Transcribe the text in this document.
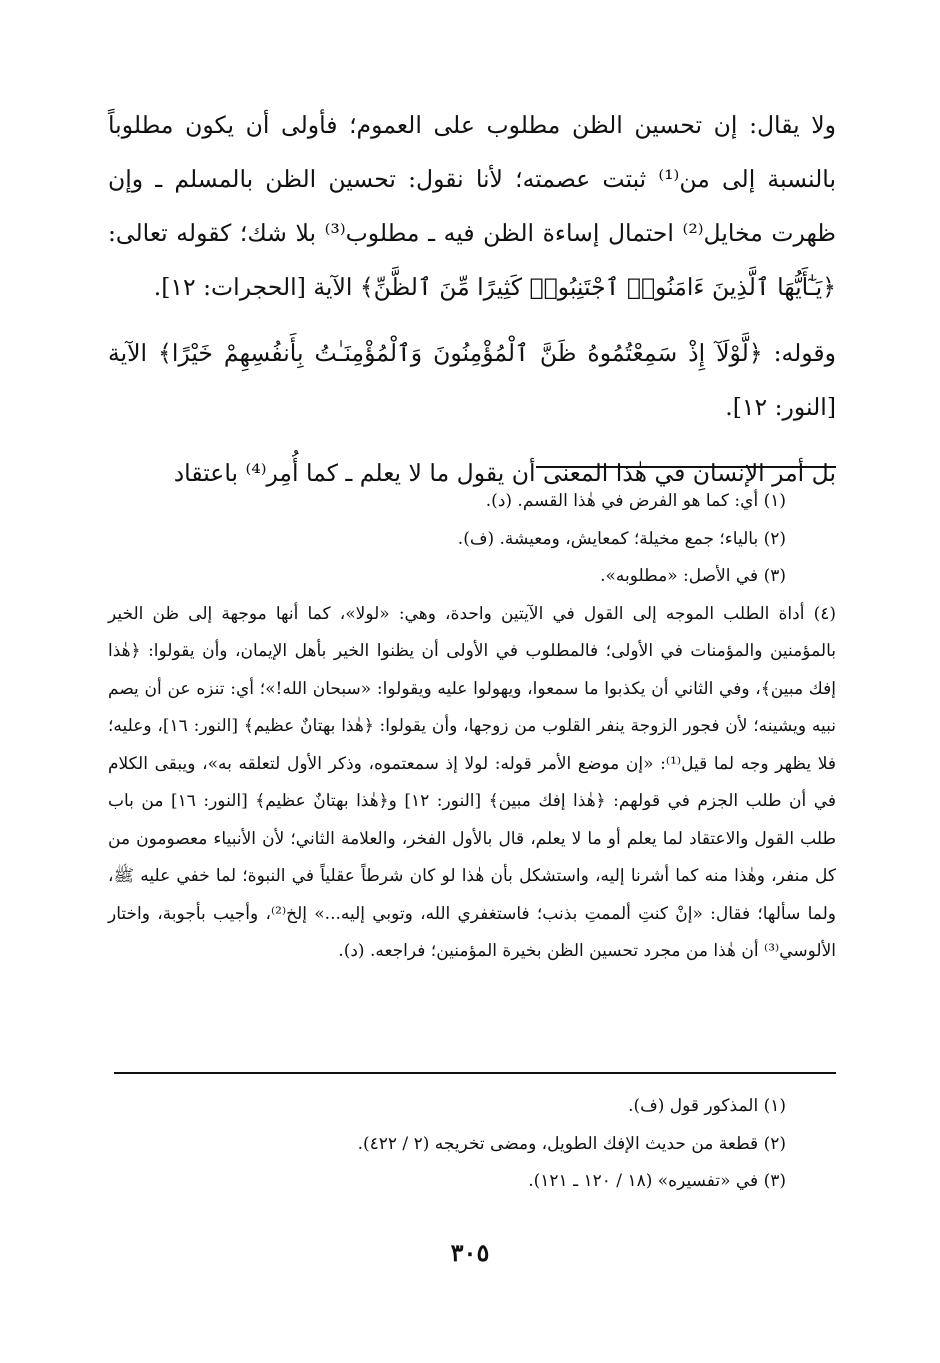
ولا يقال: إن تحسين الظن مطلوب على العموم؛ فأولى أن يكون مطلوباً بالنسبة إلى من⁽¹⁾ ثبتت عصمته؛ لأنا نقول: تحسين الظن بالمسلم ـ وإن ظهرت مخايل⁽²⁾ احتمال إساءة الظن فيه ـ مطلوب⁽³⁾ بلا شك؛ كقوله تعالى: ﴿يَـٰٓأَيُّهَا ٱلَّذِينَ ءَامَنُوا۟ ٱجْتَنِبُوا۟ كَثِيرًا مِّنَ ٱلظَّنِّ﴾ الآية [الحجرات: ١٢].

وقوله: ﴿لَّوْلَآ إِذْ سَمِعْتُمُوهُ ظَنَّ ٱلْمُؤْمِنُونَ وَٱلْمُؤْمِنَـٰتُ بِأَنفُسِهِمْ خَيْرًا﴾ الآية [النور: ١٢].

بل أمر الإنسان في هٰذا المعنى أن يقول ما لا يعلم ـ كما أُمِر⁽⁴⁾ باعتقاد

(١) أي: كما هو الفرض في هٰذا القسم. (د).

(٢) بالياء؛ جمع مخيلة؛ كمعايش، ومعيشة. (ف).

(٣) في الأصل: «مطلوبه».

(٤) أداة الطلب الموجه إلى القول في الآيتين واحدة، وهي: «لولا»، كما أنها موجهة إلى ظن الخير بالمؤمنين والمؤمنات في الأولى؛ فالمطلوب في الأولى أن يظنوا الخير بأهل الإيمان، وأن يقولوا: ﴿هٰذا إفك مبين﴾، وفي الثاني أن يكذبوا ما سمعوا، ويهولوا عليه ويقولوا: «سبحان الله!»؛ أي: تنزه عن أن يصم نبيه ويشينه؛ لأن فجور الزوجة ينفر القلوب من زوجها، وأن يقولوا: ﴿هٰذا بهتانٌ عظيم﴾ [النور: ١٦]، وعليه؛ فلا يظهر وجه لما قيل⁽¹⁾: «إن موضع الأمر قوله: لولا إذ سمعتموه، وذكر الأول لتعلقه به»، ويبقى الكلام في أن طلب الجزم في قولهم: ﴿هٰذا إفك مبين﴾ [النور: ١٢] و﴿هٰذا بهتانٌ عظيم﴾ [النور: ١٦] من باب طلب القول والاعتقاد لما يعلم أو ما لا يعلم، قال بالأول الفخر، والعلامة الثاني؛ لأن الأنبياء معصومون من كل منفر، وهٰذا منه كما أشرنا إليه، واستشكل بأن هٰذا لو كان شرطاً عقلياً في النبوة؛ لما خفي عليه ﷺ، ولما سألها؛ فقال: «إنْ كنتِ ألممتِ بذنب؛ فاستغفري الله، وتوبي إليه...» إلخ⁽²⁾، وأجيب بأجوبة، واختار الألوسي⁽³⁾ أن هٰذا من مجرد تحسين الظن بخيرة المؤمنين؛ فراجعه. (د).

(١) المذكور قول (ف).

(٢) قطعة من حديث الإفك الطويل، ومضى تخريجه (٢ / ٤٢٢).

(٣) في «تفسيره» (١٨ / ١٢٠ ـ ١٢١).

٣٠٥
